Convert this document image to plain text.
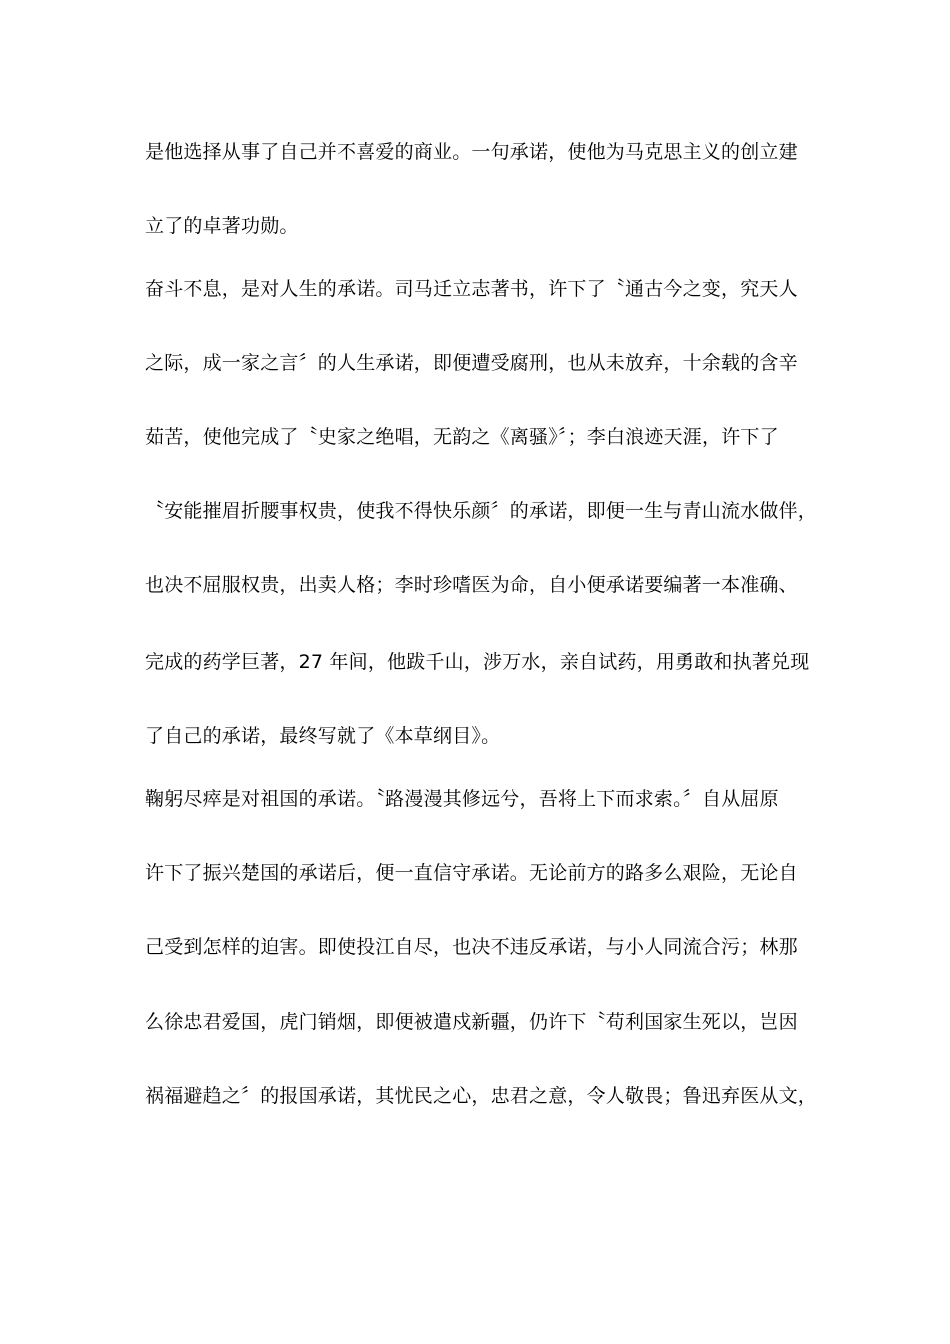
是他选择从事了自己并不喜爱的商业。一句承诺，使他为马克思主义的创立建
立了的卓著功勋。
奋斗不息，是对人生的承诺。司马迁立志著书，许下了〝通古今之变，究天人
之际，成一家之言〞的人生承诺，即便遭受腐刑，也从未放弃，十余载的含辛
茹苦，使他完成了〝史家之绝唱，无韵之《离骚》〞；李白浪迹天涯，许下了
〝安能摧眉折腰事权贵，使我不得快乐颜〞的承诺，即便一生与青山流水做伴，
也决不屈服权贵，出卖人格；李时珍嗜医为命，自小便承诺要编著一本准确、
完成的药学巨著，27 年间，他跋千山，涉万水，亲自试药，用勇敢和执著兑现
了自己的承诺，最终写就了《本草纲目》。
鞠躬尽瘁是对祖国的承诺。〝路漫漫其修远兮，吾将上下而求索。〞自从屈原
许下了振兴楚国的承诺后，便一直信守承诺。无论前方的路多么艰险，无论自
己受到怎样的迫害。即使投江自尽，也决不违反承诺，与小人同流合污；林那
么徐忠君爱国，虎门销烟，即便被遣戍新疆，仍许下〝苟利国家生死以，岂因
祸福避趋之〞的报国承诺，其忧民之心，忠君之意，令人敬畏；鲁迅弃医从文，
